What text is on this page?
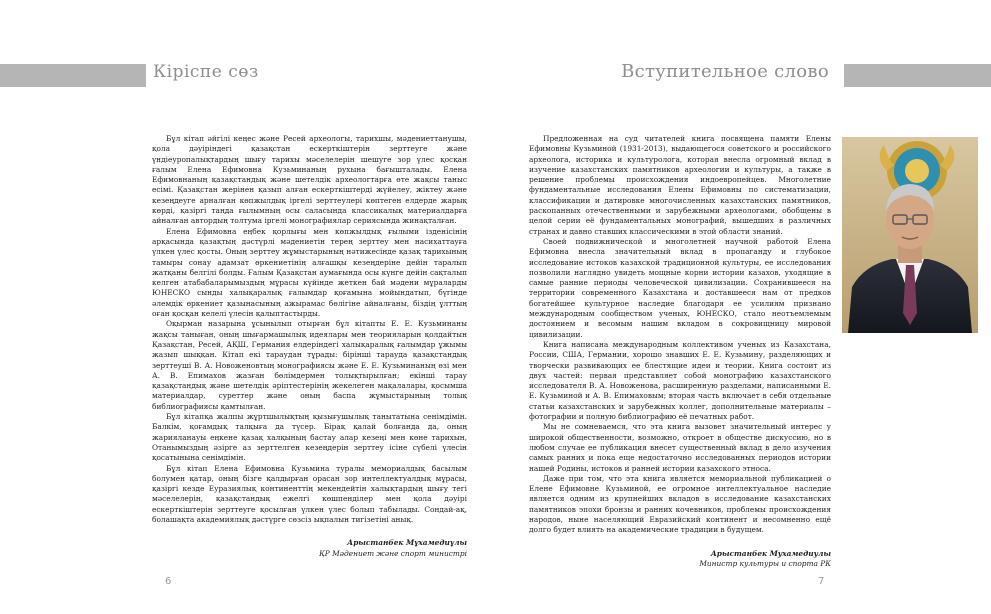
Кіріспе сөз	Вступительное слово

Бұл кітап әйгілі кеңес және Ресей археологы, тарихшы, мәдениеттанушы, қола дәуіріндегі қазақстан ескерткіштерін зерттеуге және үндіеуропалықтардың шығу тарихы мәселелерін шешуге зор үлес қосқан ғалым Елена Ефимовна Кузьминаның рухына бағышталады. Елена Ефимовнаның қазақстандық және шетелдік археологтарға өте жақсы таныс есімі. Қазақстан жерінен қазып алған ескерткіштерді жүйелеу, жіктеу және кезеңдеуге арналған көпжылдық іргелі зерттеулері көптеген елдерде жарық көрді, қазіргі таңда ғылымның осы саласында классикалық материалдарға айналған автордың толтума іргелі монографиялар сериясында жинақталған.

Елена Ефимовна еңбек қорлығы мен көпжылдық ғылыми ізденісінің арқасында қазақтың дәстүрлі мәдениетін терең зерттеу мен насихаттауға үлкен үлес қосты. Оның зерттеу жұмыстарының нәтижесінде қазақ тарихының тамыры сонау адамзат өркениетінің алғашқы кезеңдеріне дейін таралып жатқаны белгілі болды. Ғалым Қазақстан аумағында осы күнге дейін сақталып келген атабабаларымыздың мұрасы күйінде жеткен бай мәдени мұраларды ЮНЕСКО сынды халықаралық ғалымдар қоғамына мойындатып, бүгінде әлемдік өркениет қазынасының ажырамас бөлігіне айналғаны, біздің ұлттың оған қосқан келелі үлесін қалыптастырды.

Оқырман назарына ұсынылып отырған бұл кітапты Е. Е. Кузьминаны жақсы таныған, оның шығармашылық идеялары мен теорияларын қолдайтын Қазақстан, Ресей, АҚШ, Германия елдеріндегі халықаралық ғалымдар ұжымы жазып шыққан. Кітап екі тараудан тұрады: бірінші тарауда қазақстандық зерттеуші В. А. Новоженовтың монографиясы және Е. Е. Кузьминаның өзі мен А. В. Епимахов жазған бөлімдермен толықтырылған; екінші тарау қазақстандық және шетелдік әріптестерінің жекелеген мақалалары, қосымша материалдар, суреттер және оның баспа жұмыстарының толық библиографиясы қамтылған.

Бұл кітапқа жалпы жұртшылықтың қызығушылық танытатына сенімдімін. Балкім, қоғамдық талқыға да түсер. Бірақ қалай болғанда да, оның жарияланауы еңкене қазақ халқының бастау алар кезеңі мен көне тарихын, Отанымыздың әзірге аз зерттелген кезеңдерін зерттеу ісіне сүбелі үлесін қосатынына сенімдімін.

Бұл кітап Елена Ефимовна Кузьмина туралы мемориалдық басылым болумен қатар, оның бізге қалдырған орасан зор интеллектуалдық мұрасы, қазіргі кезде Еуразиялық континенттің мекендейтін халықтардың шығу тегі мәселелерін, қазақстандық ежелгі көшпенділер мен қола дәуірі ескерткіштерін зерттеуге қосылған үлкен үлес болып табылады. Сондай-ақ, болашақта академиялық дәстүрге сөзсіз ықпалын тигізетіні анық.

Арыстанбек Мұхамедиұлы
ҚР Мәдениет және спорт министрі

Предложенная на суд читателей книга посвящена памяти Елены Ефимовны Кузьминой (1931-2013), выдающегося советского и российского археолога, историка и культуролога, которая внесла огромный вклад в изучение казахстанских памятников археологии и культуры, а также в решение проблемы происхождения индоевропейцев. Многолетние фундаментальные исследования Елены Ефимовны по систематизации, классификации и датировке многочисленных казахстанских памятников, раскопанных отечественными и зарубежными археологами, обобщены в целой серии её фундаментальных монографий, вышедших в различных странах и давно ставших классическими в этой области знаний.

Своей подвижнической и многолетней научной работой Елена Ефимовна внесла значительный вклад в пропаганду и глубокое исследование истоков казахской традиционной культуры, ее исследования позволили наглядно увидеть мощные корни истории казахов, уходящие в самые ранние периоды человеческой цивилизации. Сохранившееся на территории современного Казахстана и доставшееся нам от предков богатейшее культурное наследие благодаря ее усилиям признано международным сообществом ученых, ЮНЕСКО, стало неотъемлемым достоянием и весомым нашим вкладом в сокровищницу мировой цивилизации.

Книга написана международным коллективом ученых из Казахстана, России, США, Германии, хорошо знавших Е. Е. Кузьмину, разделяющих и творчески развивающих ее блестящие идеи и теории. Книга состоит из двух частей: первая представляет собой монографию казахстанского исследователя В. А. Новоженова, расширенную разделами, написанными Е. Е. Кузьминой и А. В. Епимаховым; вторая часть включает в себя отдельные статьи казахстанских и зарубежных коллег, дополнительные материалы – фотографии и полную библиографию её печатных работ.

Мы не сомневаемся, что эта книга вызовет значительный интерес у широкой общественности, возможно, откроет в обществе дискуссию, но в любом случае ее публикация внесет существенный вклад в дело изучения самых ранних и пока еще недостаточно исследованных периодов истории нашей Родины, истоков и ранней истории казахского этноса.

Даже при том, что эта книга является мемориальной публикацией о Елене Ефимовне Кузьминой, ее огромное интеллектуальное наследие является одним из крупнейших вкладов в исследование казахстанских памятников эпохи бронзы и ранних кочевников, проблемы происхождения народов, ныне населяющий Евразийский континент и несомненно ещё долго будет влиять на академические традиции в будущем.

Арыстанбек Мухамедиулы
Министр культуры и спорта РК
6	7
